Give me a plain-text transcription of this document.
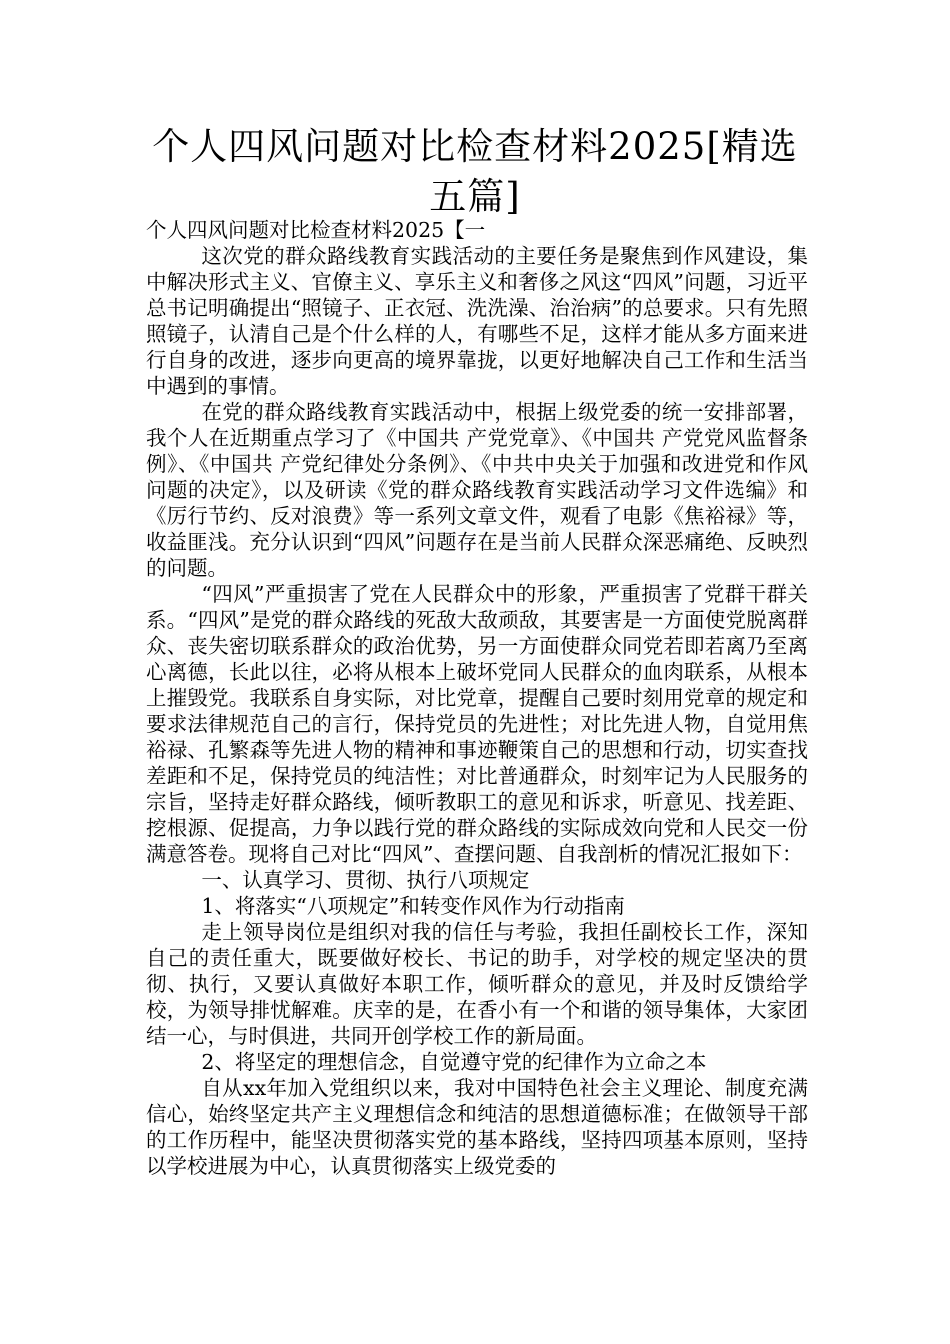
个人四风问题对比检查材料2025[精选五篇]

个人四风问题对比检查材料2025【一

这次党的群众路线教育实践活动的主要任务是聚焦到作风建设，集中解决形式主义、官僚主义、享乐主义和奢侈之风这“四风”问题，习近平总书记明确提出“照镜子、正衣冠、洗洗澡、治治病”的总要求。只有先照照镜子，认清自己是个什么样的人，有哪些不足，这样才能从多方面来进行自身的改进，逐步向更高的境界靠拢，以更好地解决自己工作和生活当中遇到的事情。

在党的群众路线教育实践活动中，根据上级党委的统一安排部署，我个人在近期重点学习了《中国共 产党党章》、《中国共 产党党风监督条例》、《中国共 产党纪律处分条例》、《中共中央关于加强和改进党和作风问题的决定》，以及研读《党的群众路线教育实践活动学习文件选编》和《厉行节约、反对浪费》等一系列文章文件，观看了电影《焦裕禄》等，收益匪浅。充分认识到“四风”问题存在是当前人民群众深恶痛绝、反映烈的问题。

“四风”严重损害了党在人民群众中的形象，严重损害了党群干群关系。“四风”是党的群众路线的死敌大敌顽敌，其要害是一方面使党脱离群众、丧失密切联系群众的政治优势，另一方面使群众同党若即若离乃至离心离德，长此以往，必将从根本上破坏党同人民群众的血肉联系，从根本上摧毁党。我联系自身实际，对比党章，提醒自己要时刻用党章的规定和要求法律规范自己的言行，保持党员的先进性；对比先进人物，自觉用焦裕禄、孔繁森等先进人物的精神和事迹鞭策自己的思想和行动，切实查找差距和不足，保持党员的纯洁性；对比普通群众，时刻牢记为人民服务的宗旨，坚持走好群众路线，倾听教职工的意见和诉求，听意见、找差距、挖根源、促提高，力争以践行党的群众路线的实际成效向党和人民交一份满意答卷。现将自己对比“四风”、查摆问题、自我剖析的情况汇报如下：

一、认真学习、贯彻、执行八项规定

1、将落实“八项规定”和转变作风作为行动指南

走上领导岗位是组织对我的信任与考验，我担任副校长工作，深知自己的责任重大，既要做好校长、书记的助手，对学校的规定坚决的贯彻、执行，又要认真做好本职工作，倾听群众的意见，并及时反馈给学校，为领导排忧解难。庆幸的是，在香小有一个和谐的领导集体，大家团结一心，与时俱进，共同开创学校工作的新局面。

2、将坚定的理想信念，自觉遵守党的纪律作为立命之本

自从xx年加入党组织以来，我对中国特色社会主义理论、制度充满信心，始终坚定共产主义理想信念和纯洁的思想道德标准；在做领导干部的工作历程中，能坚决贯彻落实党的基本路线，坚持四项基本原则，坚持以学校进展为中心，认真贯彻落实上级党委的
